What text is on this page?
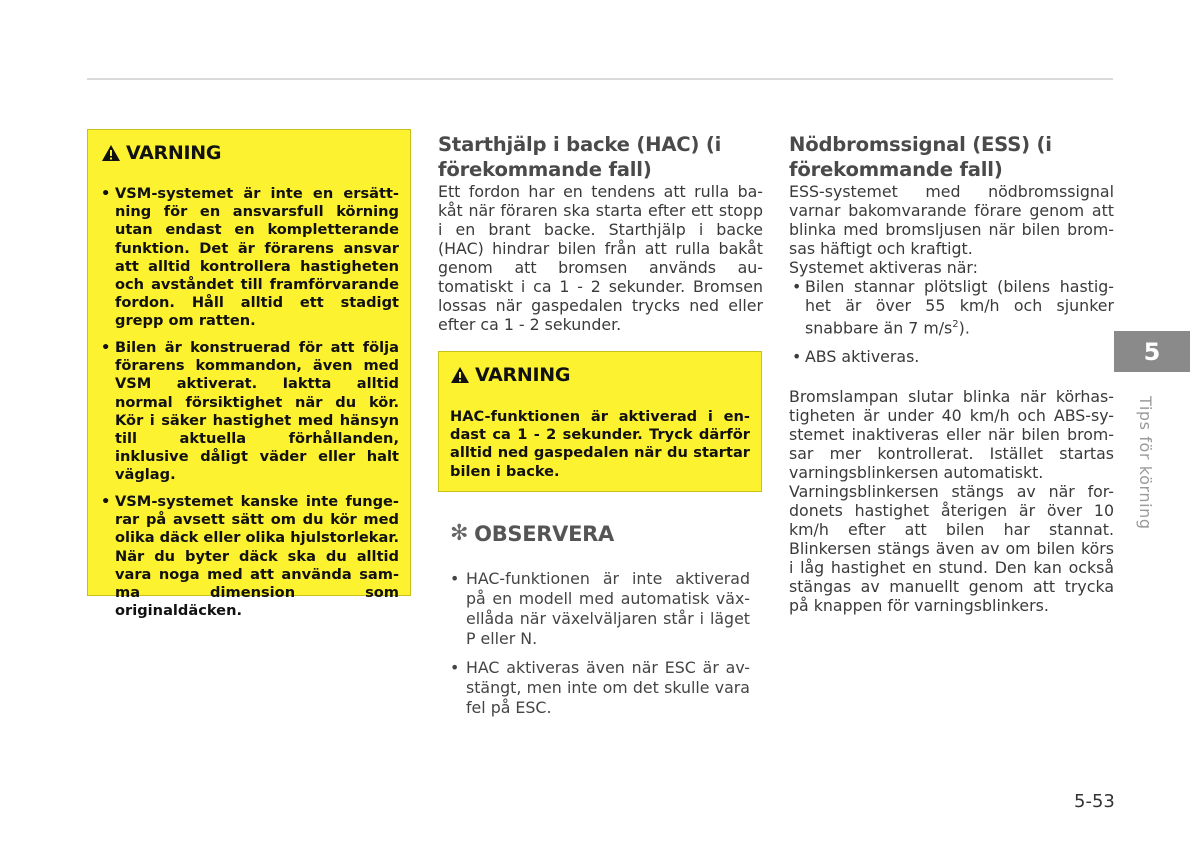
VARNING
• VSM-systemet är inte en ersätt-ning för en ansvarsfull körning utan endast en kompletterande funktion. Det är förarens ansvar att alltid kontrollera hastigheten och avståndet till framförvarande fordon. Håll alltid ett stadigt grepp om ratten.
• Bilen är konstruerad för att följa förarens kommandon, även med VSM aktiverat. Iaktta alltid normal försiktighet när du kör. Kör i säker hastighet med hänsyn till aktuella förhållanden, inklusive dåligt väder eller halt väglag.
• VSM-systemet kanske inte funge-rar på avsett sätt om du kör med olika däck eller olika hjulstorlekar. När du byter däck ska du alltid vara noga med att använda sam-ma dimension som originaldäcken.
Starthjälp i backe (HAC) (i
förekommande fall)

Ett fordon har en tendens att rulla ba-kåt när föraren ska starta efter ett stopp i en brant backe. Starthjälp i backe (HAC) hindrar bilen från att rulla bakåt genom att bromsen används au-tomatiskt i ca 1 - 2 sekunder. Bromsen lossas när gaspedalen trycks ned eller efter ca 1 - 2 sekunder.

VARNING
HAC-funktionen är aktiverad i en-dast ca 1 - 2 sekunder. Tryck därför alltid ned gaspedalen när du startar bilen i backe.
✻ OBSERVERA
• HAC-funktionen är inte aktiverad på en modell med automatisk väx-ellåda när växelväljaren står i läget P eller N.
• HAC aktiveras även när ESC är av-stängt, men inte om det skulle vara fel på ESC.
Nödbromssignal (ESS) (i
förekommande fall)

ESS-systemet med nödbromssignal varnar bakomvarande förare genom att blinka med bromsljusen när bilen brom-sas häftigt och kraftigt.

Systemet aktiveras när:

• Bilen stannar plötsligt (bilens hastig-het är över 55 km/h och sjunker snabbare än 7 $m/s^2$).
• ABS aktiveras.

Bromslampan slutar blinka när körhas-tigheten är under 40 km/h och ABS-sy-stemet inaktiveras eller när bilen brom-sar mer kontrollerat. Istället startas varningsblinkersen automatiskt.

Varningsblinkersen stängs av när for-donets hastighet återigen är över 10 km/h efter att bilen har stannat. Blinkersen stängs även av om bilen körs i låg hastighet en stund. Den kan också stängas av manuellt genom att trycka på knappen för varningsblinkers.

5
Tips för körning
5-53
